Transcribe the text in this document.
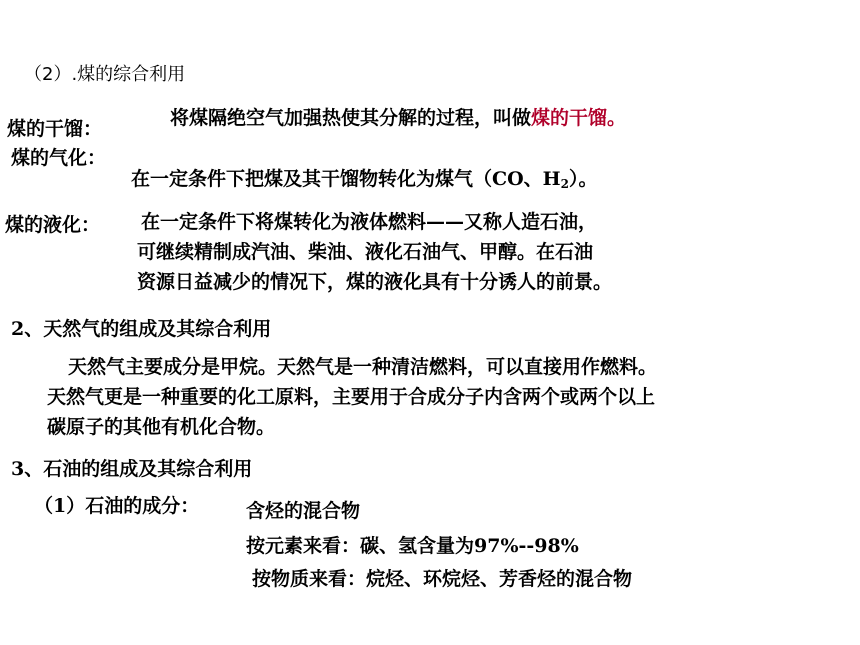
（2）.煤的综合利用
煤的干馏：	将煤隔绝空气加强热使其分解的过程，叫做煤的干馏。
煤的气化：
在一定条件下把煤及其干馏物转化为煤气（CO、$H_2$）。
煤的液化： 在一定条件下将煤转化为液体燃料——又称人造石油，
可继续精制成汽油、柴油、液化石油气、甲醇。在石油
资源日益减少的情况下，煤的液化具有十分诱人的前景。
2、天然气的组成及其综合利用
天然气主要成分是甲烷。天然气是一种清洁燃料，可以直接用作燃料。
天然气更是一种重要的化工原料，主要用于合成分子内含两个或两个以上
碳原子的其他有机化合物。
3、石油的组成及其综合利用
（1）石油的成分： 含烃的混合物
按元素来看：碳、氢含量为97%--98%
按物质来看：烷烃、环烷烃、芳香烃的混合物
